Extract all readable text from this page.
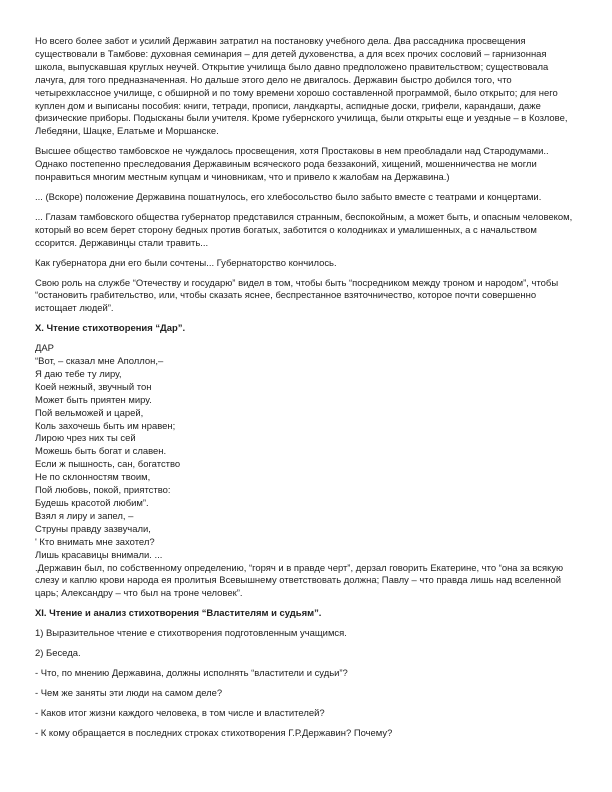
Но всего более забот и усилий Державин затратил на постановку учебного дела. Два рассадника просвещения существовали в Тамбове: духовная семинария – для детей духовенства, а для всех прочих сословий – гарнизонная школа, выпускавшая круглых неучей. Открытие училища было давно предположено правительством; существовала лачуга, для того предназначенная. Но дальше этого дело не двигалось. Державин быстро добился того, что четырехклассное училище, с обширной и по тому времени хорошо составленной программой, было открыто; для него куплен дом и выписаны пособия: книги, тетради, прописи, ландкарты, аспидные доски, грифели, карандаши, даже физические приборы. Подысканы были учителя. Кроме губернского училища, были открыты еще и уездные – в Козлове, Лебедяни, Шацке, Елатьме и Моршанске.

Высшее общество тамбовское не чуждалось просвещения, хотя Простаковы в нем преобладали над Стародумами.. Однако постепенно преследования Державиным всяческого рода беззаконий, хищений, мошенничества не могли понравиться многим местным купцам и чиновникам, что и привело к жалобам на Державина.)

... (Вскоре) положение Державина пошатнулось, его хлебосольство было забыто вместе с театрами и концертами.

... Глазам тамбовского общества губернатор представился странным, беспокойным, а может быть, и опасным человеком, который во всем берет сторону бедных против богатых, заботится о колодниках и умалишенных, а с начальством ссорится. Державинцы стали травить...

Как губернатора дни его были сочтены... Губернаторство кончилось.

Свою роль на службе “Отечеству и государю” видел в том, чтобы быть “посредником между троном и народом”, чтобы “остановить грабительство, или, чтобы сказать яснее, беспрестанное взяточничество, которое почти совершенно истощает людей”.

X. Чтение стихотворения “Дар”.

ДАР
“Вот, – сказал мне Аполлон,–
Я даю тебе ту лиру,
Коей нежный, звучный тон
Может быть приятен миру.
Пой вельможей и царей,
Коль захочешь быть им нравен;
Лирою чрез них ты сей
Можешь быть богат и славен.
Если ж пышность, сан, богатство
Не по склонностям твоим,
Пой любовь, покой, приятство:
Будешь красотой любим”.
Взял я лиру и запел, –
Струны правду зазвучали,
' Кто внимать мне захотел?
Лишь красавицы внимали. ...

.Державин был, по собственному определению, “горяч и в правде черт”, дерзал говорить Екатерине, что “она за всякую слезу и каплю крови народа ея пролитыя Всевышнему ответствовать должна; Павлу – что правда лишь над вселенной царь; Александру – что был на троне человек”.

XI. Чтение и анализ стихотворения “Властителям и судьям”.

1) Выразительное чтение е стихотворения подготовленным учащимся.

2) Беседа.

- Что, по мнению Державина, должны исполнять “властители и судьи”?

- Чем же заняты эти люди на самом деле?

- Каков итог жизни каждого человека, в том числе и властителей?

- К кому обращается в последних строках стихотворения Г.Р.Державин? Почему?
